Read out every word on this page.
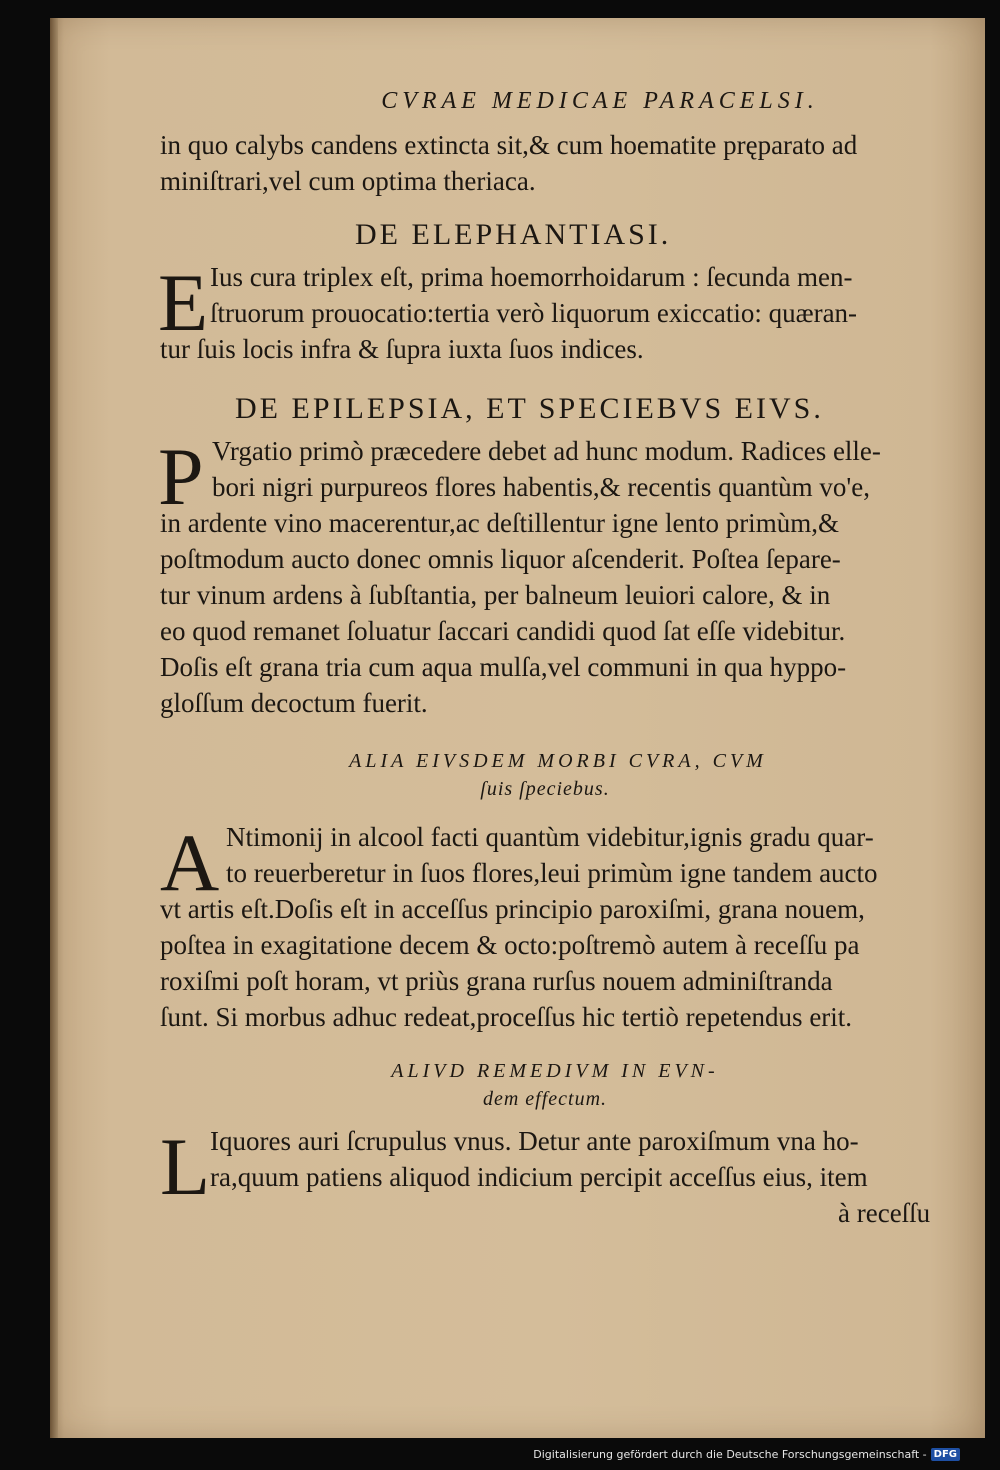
CVRAE MEDICAE PARACELSI.
in quo calybs candens extincta sit,& cum hoematite pręparato ad
miniſtrari,vel cum optima theriaca.
DE ELEPHANTIASI.
E Ius cura triplex eſt, prima hoemorrhoidarum : ſecunda men-
ſtruorum prouocatio:tertia verò liquorum exiccatio: quæran-
tur ſuis locis infra & ſupra iuxta ſuos indices.
DE EPILEPSIA, ET SPECIEBVS EIVS.
P Vrgatio primò præcedere debet ad hunc modum. Radices elle-
bori nigri purpureos flores habentis,& recentis quantùm vo'e,
in ardente vino macerentur,ac deſtillentur igne lento primùm,&
poſtmodum aucto donec omnis liquor aſcenderit. Poſtea ſepare-
tur vinum ardens à ſubſtantia, per balneum leuiori calore, & in
eo quod remanet ſoluatur ſaccari candidi quod ſat eſſe videbitur.
Doſis eſt grana tria cum aqua mulſa,vel communi in qua hyppo-
gloſſum decoctum fuerit.
ALIA EIVSDEM MORBI CVRA, CVM
ſuis ſpeciebus.
A Ntimonij in alcool facti quantùm videbitur,ignis gradu quar-
to reuerberetur in ſuos flores,leui primùm igne tandem aucto
vt artis eſt.Doſis eſt in acceſſus principio paroxiſmi, grana nouem,
poſtea in exagitatione decem & octo:poſtremò autem à receſſu pa
roxiſmi poſt horam, vt priùs grana rurſus nouem adminiſtranda
ſunt. Si morbus adhuc redeat,proceſſus hic tertiò repetendus erit.
ALIVD REMEDIVM IN EVN-
dem effectum.
L Iquores auri ſcrupulus vnus. Detur ante paroxiſmum vna ho-
ra,quum patiens aliquod indicium percipit acceſſus eius, item
à receſſu
Digitalisierung gefördert durch die Deutsche Forschungsgemeinschaft - DFG
